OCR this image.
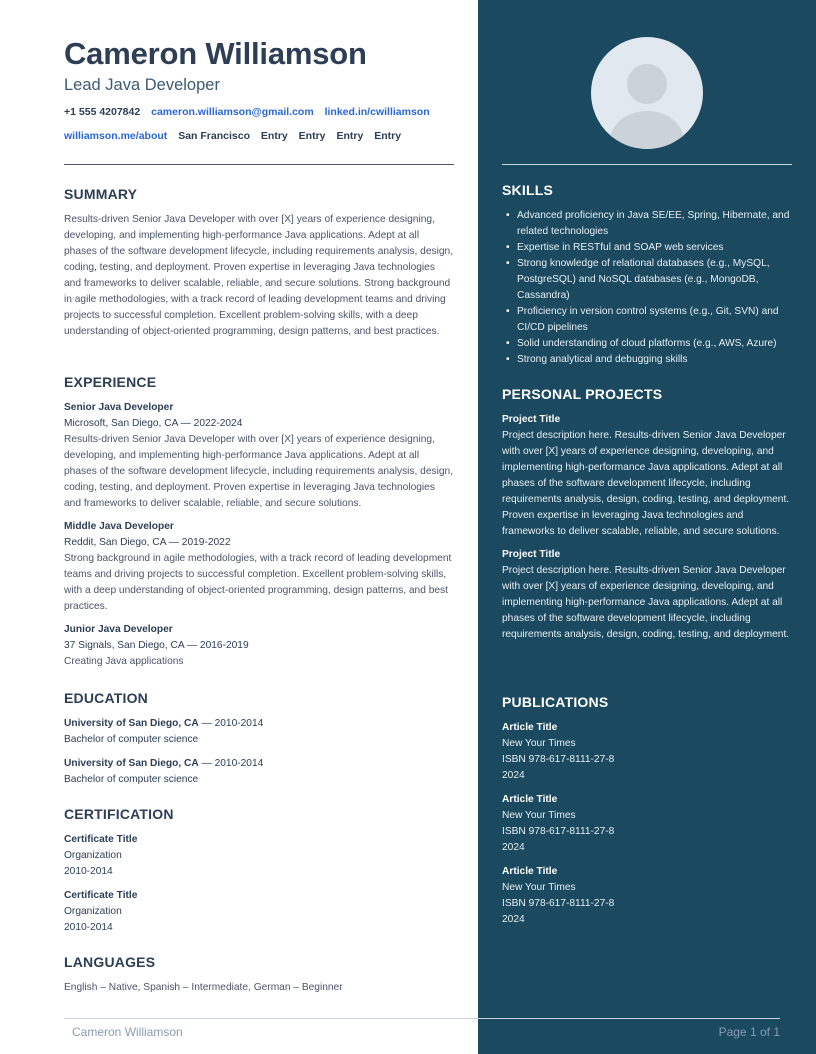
Cameron Williamson
Lead Java Developer
+1 555 4207842 cameron.williamson@gmail.com linked.in/cwilliamson
williamson.me/about San Francisco Entry Entry Entry Entry
SUMMARY
Results-driven Senior Java Developer with over [X] years of experience designing, developing, and implementing high-performance Java applications. Adept at all phases of the software development lifecycle, including requirements analysis, design, coding, testing, and deployment. Proven expertise in leveraging Java technologies and frameworks to deliver scalable, reliable, and secure solutions. Strong background in agile methodologies, with a track record of leading development teams and driving projects to successful completion. Excellent problem-solving skills, with a deep understanding of object-oriented programming, design patterns, and best practices.
EXPERIENCE
Senior Java Developer
Microsoft, San Diego, CA — 2022-2024
Results-driven Senior Java Developer with over [X] years of experience designing, developing, and implementing high-performance Java applications. Adept at all phases of the software development lifecycle, including requirements analysis, design, coding, testing, and deployment. Proven expertise in leveraging Java technologies and frameworks to deliver scalable, reliable, and secure solutions.
Middle Java Developer
Reddit, San Diego, CA — 2019-2022
Strong background in agile methodologies, with a track record of leading development teams and driving projects to successful completion. Excellent problem-solving skills, with a deep understanding of object-oriented programming, design patterns, and best practices.
Junior Java Developer
37 Signals, San Diego, CA — 2016-2019
Creating Java applications
EDUCATION
University of San Diego, CA — 2010-2014
Bachelor of computer science
University of San Diego, CA — 2010-2014
Bachelor of computer science
CERTIFICATION
Certificate Title
Organization
2010-2014
Certificate Title
Organization
2010-2014
LANGUAGES
English – Native, Spanish – Intermediate, German – Beginner
SKILLS
• Advanced proficiency in Java SE/EE, Spring, Hibernate, and related technologies
• Expertise in RESTful and SOAP web services
• Strong knowledge of relational databases (e.g., MySQL, PostgreSQL) and NoSQL databases (e.g., MongoDB, Cassandra)
• Proficiency in version control systems (e.g., Git, SVN) and CI/CD pipelines
• Solid understanding of cloud platforms (e.g., AWS, Azure)
• Strong analytical and debugging skills
PERSONAL PROJECTS
Project Title
Project description here. Results-driven Senior Java Developer with over [X] years of experience designing, developing, and implementing high-performance Java applications. Adept at all phases of the software development lifecycle, including requirements analysis, design, coding, testing, and deployment. Proven expertise in leveraging Java technologies and frameworks to deliver scalable, reliable, and secure solutions.
Project Title
Project description here. Results-driven Senior Java Developer with over [X] years of experience designing, developing, and implementing high-performance Java applications. Adept at all phases of the software development lifecycle, including requirements analysis, design, coding, testing, and deployment.
PUBLICATIONS
Article Title
New Your Times
ISBN 978-617-8111-27-8
2024
Article Title
New Your Times
ISBN 978-617-8111-27-8
2024
Article Title
New Your Times
ISBN 978-617-8111-27-8
2024
Cameron Williamson	Page 1 of 1
